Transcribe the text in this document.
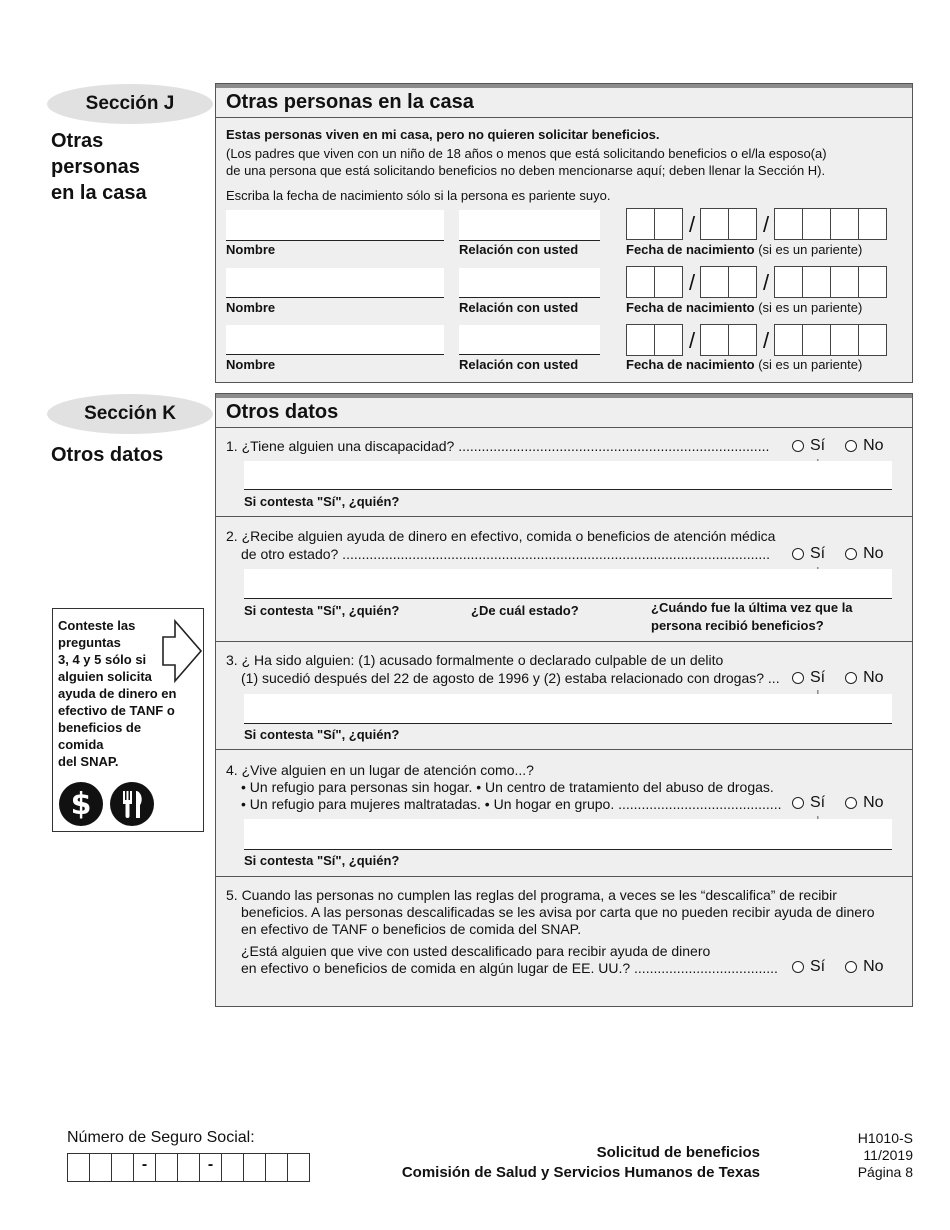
Sección J
Otras
personas
en la casa
Otras personas en la casa
Estas personas viven en mi casa, pero no quieren solicitar beneficios.
(Los padres que viven con un niño de 18 años o menos que está solicitando beneficios o el/la esposo(a)
de una persona que está solicitando beneficios no deben mencionarse aquí; deben llenar la Sección H).
Escriba la fecha de nacimiento sólo si la persona es pariente suyo.
/	/
Nombre	Relación con usted	Fecha de nacimiento (si es un pariente)
/	/
Nombre	Relación con usted	Fecha de nacimiento (si es un pariente)
/	/
Nombre	Relación con usted	Fecha de nacimiento (si es un pariente)
Sección K
Otros datos
Otros datos
1. ¿Tiene alguien una discapacidad? ................................................................................	Sí No
Si contesta "Sí", ¿quién?
2. ¿Recibe alguien ayuda de dinero en efectivo, comida o beneficios de atención médica
de otro estado? .............................................................................................................. Sí No
Si contesta "Sí", ¿quién?	¿De cuál estado?	¿Cuándo fue la última vez que la
persona recibió beneficios?
3. ¿ Ha sido alguien: (1) acusado formalmente o declarado culpable de un delito
(1) sucedió después del 22 de agosto de 1996 y (2) estaba relacionado con drogas? ... Sí No
Si contesta "Sí", ¿quién?
4. ¿Vive alguien en un lugar de atención como...?
• Un refugio para personas sin hogar. • Un centro de tratamiento del abuso de drogas.
• Un refugio para mujeres maltratadas. • Un hogar en grupo. .......................................... Sí No
Si contesta "Sí", ¿quién?
5. Cuando las personas no cumplen las reglas del programa, a veces se les “descalifica” de recibir
beneficios. A las personas descalificadas se les avisa por carta que no pueden recibir ayuda de dinero
en efectivo de TANF o beneficios de comida del SNAP.
¿Está alguien que vive con usted descalificado para recibir ayuda de dinero
en efectivo o beneficios de comida en algún lugar de EE. UU.? ..................................... Sí No
Conteste las
preguntas
3, 4 y 5 sólo si
alguien solicita
ayuda de dinero en
efectivo de TANF o
beneficios de
comida
del SNAP.
$
Número de Seguro Social:
-	-
Solicitud de beneficios
Comisión de Salud y Servicios Humanos de Texas
H1010-S
11/2019
Página 8
